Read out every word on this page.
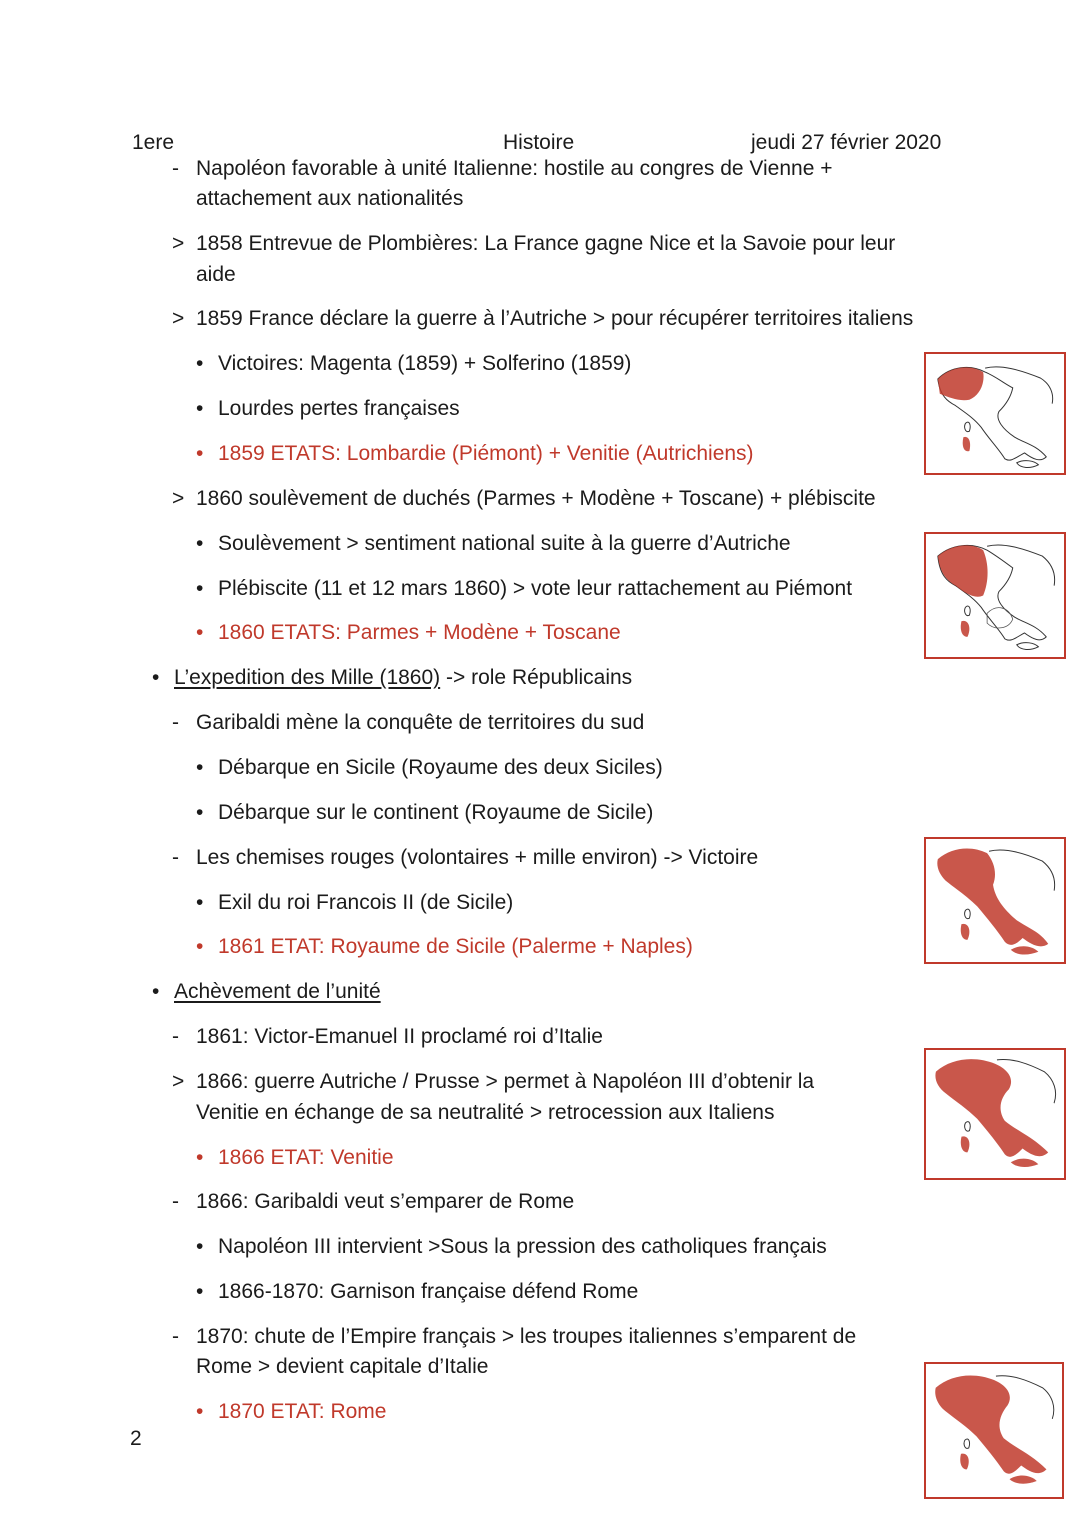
1ere	Histoire	jeudi 27 février 2020
- Napoléon favorable à unité Italienne: hostile au congres de Vienne +
attachement aux nationalités
> 1858 Entrevue de Plombières: La France gagne Nice et la Savoie pour leur
aide
> 1859 France déclare la guerre à l’Autriche > pour récupérer territoires italiens
• Victoires: Magenta (1859) + Solferino (1859)
• Lourdes pertes françaises
• 1859 ETATS: Lombardie (Piémont) + Venitie (Autrichiens)
> 1860 soulèvement de duchés (Parmes + Modène + Toscane) + plébiscite
• Soulèvement > sentiment national suite à la guerre d’Autriche
• Plébiscite (11 et 12 mars 1860) > vote leur rattachement au Piémont
• 1860 ETATS: Parmes + Modène + Toscane
• L’expedition des Mille (1860) -> role Républicains
- Garibaldi mène la conquête de territoires du sud
• Débarque en Sicile (Royaume des deux Siciles)
• Débarque sur le continent (Royaume de Sicile)
- Les chemises rouges (volontaires + mille environ) -> Victoire
• Exil du roi Francois II (de Sicile)
• 1861 ETAT: Royaume de Sicile (Palerme + Naples)
• Achèvement de l’unité
- 1861: Victor-Emanuel II proclamé roi d’Italie
> 1866: guerre Autriche / Prusse > permet à Napoléon III d’obtenir la
Venitie en échange de sa neutralité > retrocession aux Italiens
• 1866 ETAT: Venitie
- 1866: Garibaldi veut s’emparer de Rome
• Napoléon III intervient >Sous la pression des catholiques français
• 1866-1870: Garnison française défend Rome
- 1870: chute de l’Empire français > les troupes italiennes s’emparent de
Rome > devient capitale d’Italie
• 1870 ETAT: Rome
2
